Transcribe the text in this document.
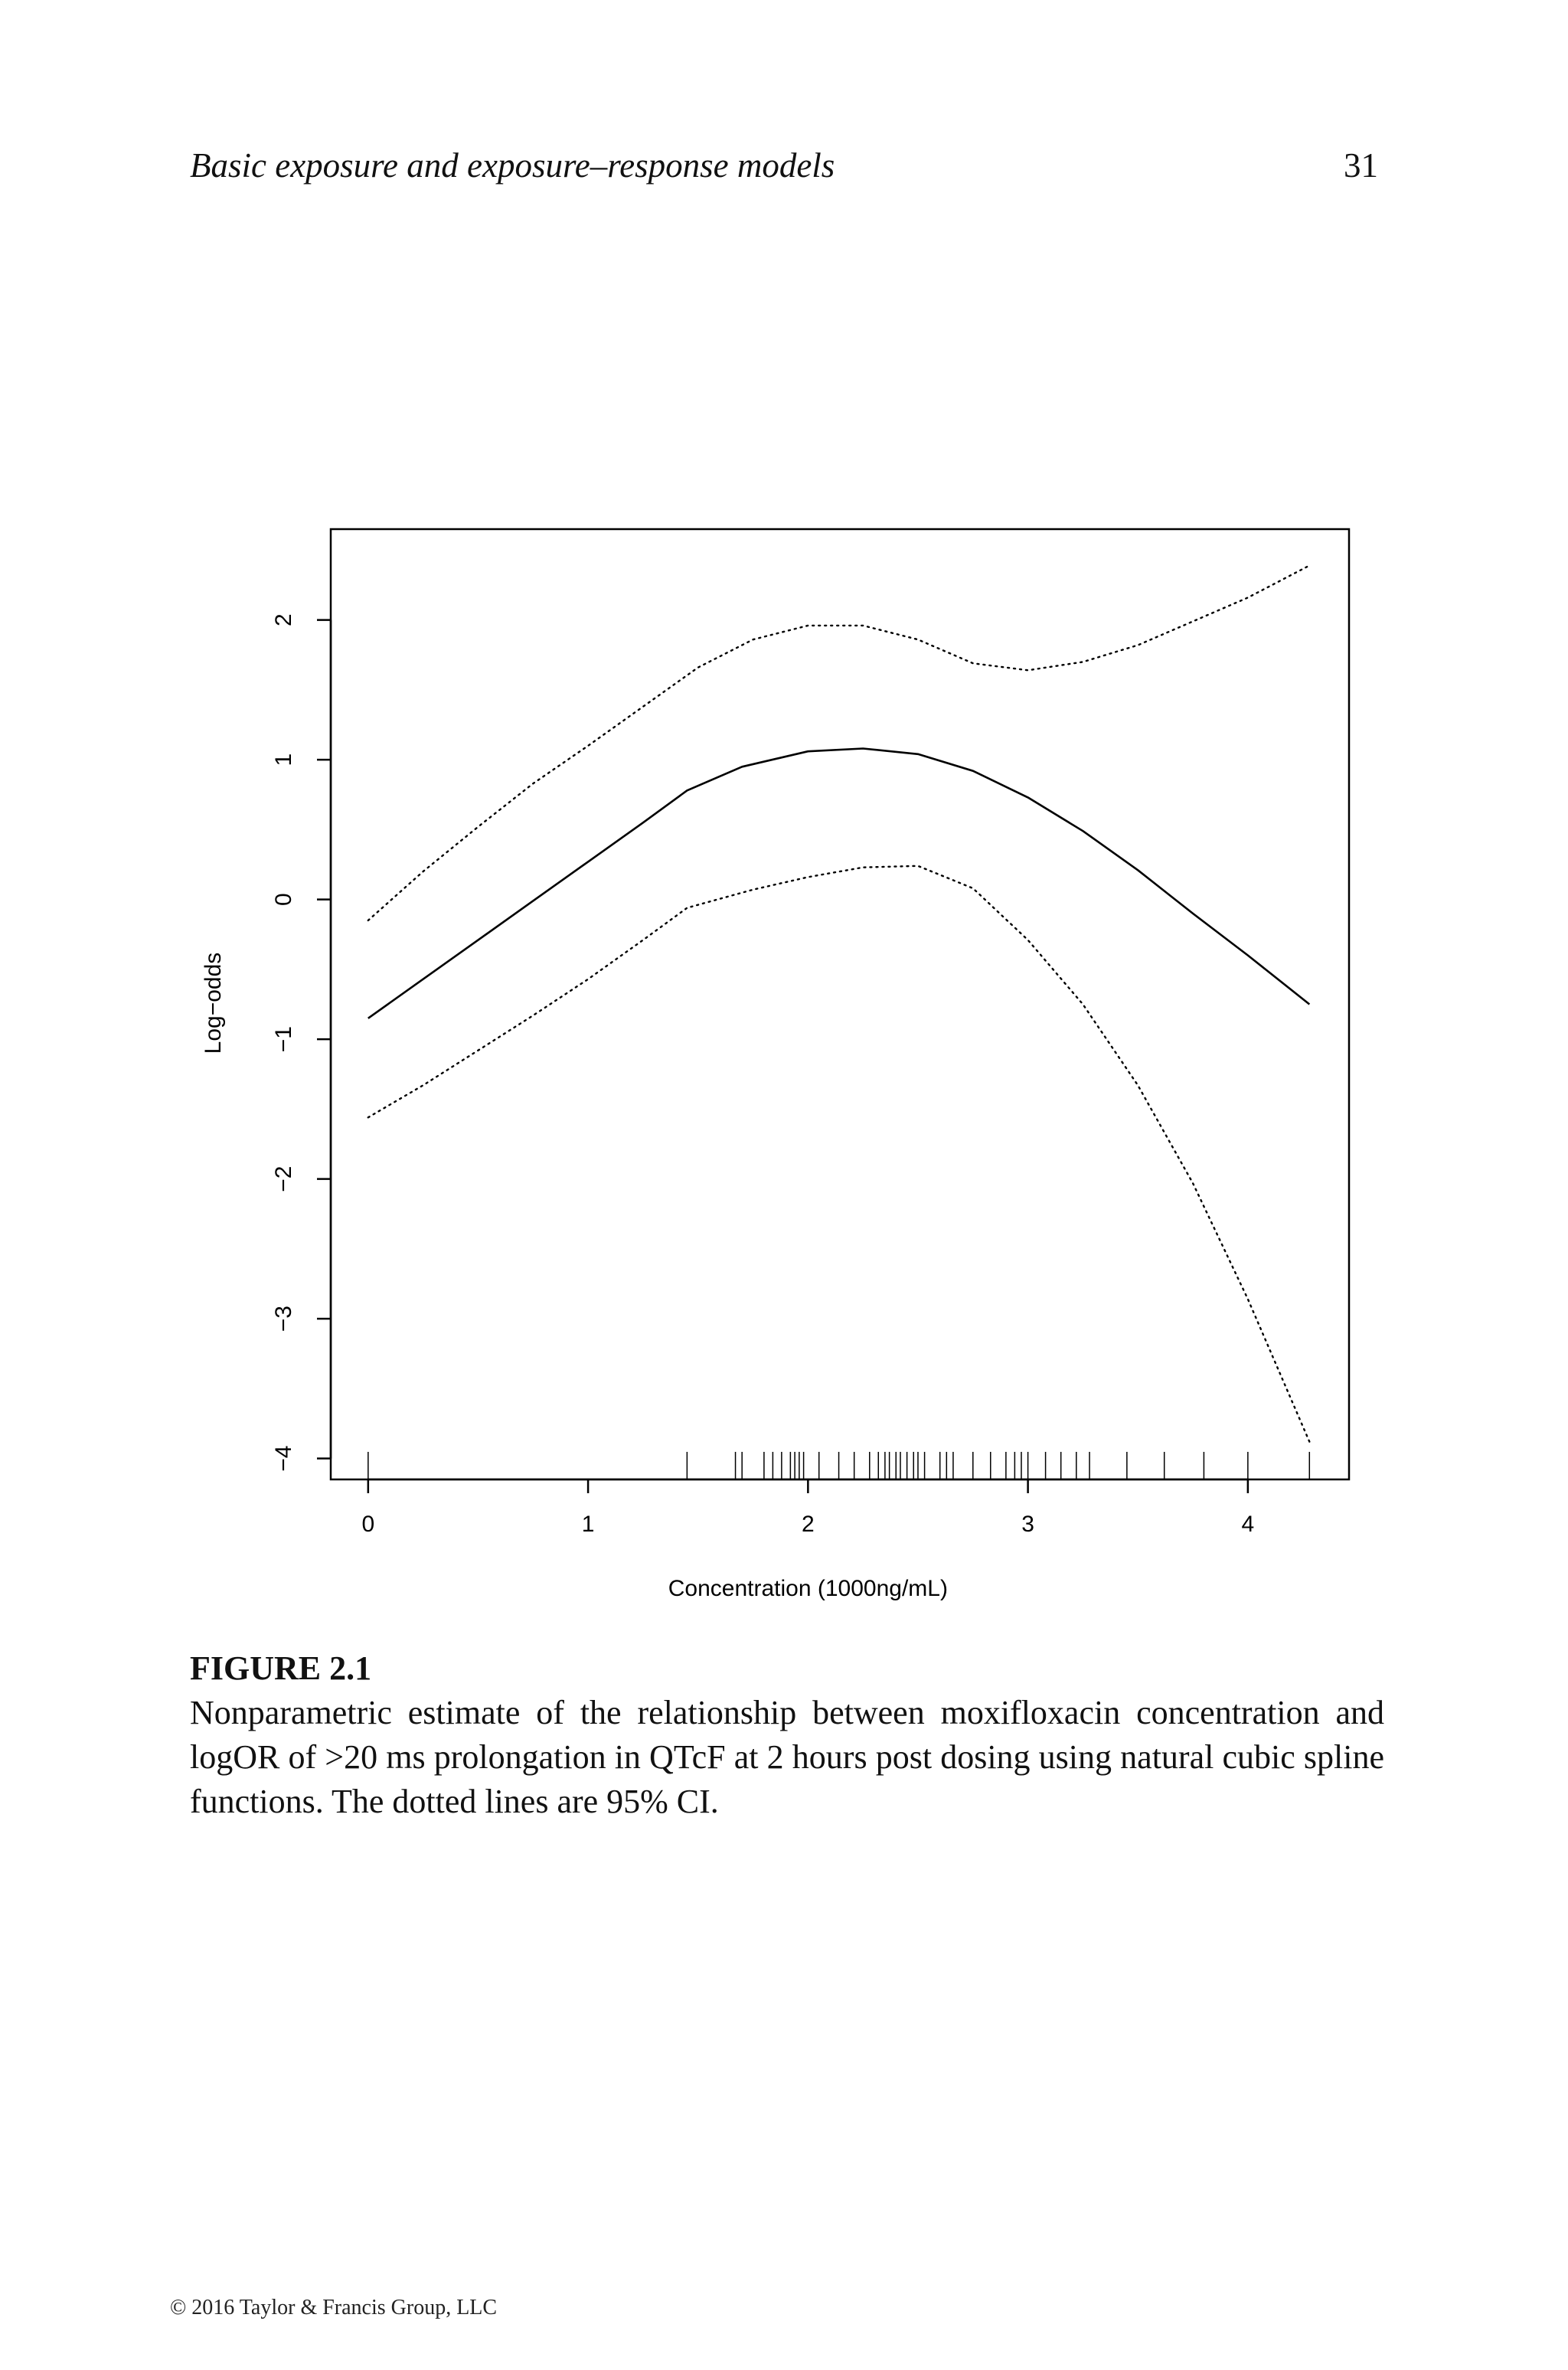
Basic exposure and exposure–response models	31
0	1	2	3	4
−4
−3
−2
−1
0
1
2
Concentration (1000ng/mL)
Log−odds
FIGURE 2.1
Nonparametric estimate of the relationship between moxifloxacin concentration and logOR of >20 ms prolongation in QTcF at 2 hours post dosing using natural cubic spline functions. The dotted lines are 95% CI.
© 2016 Taylor & Francis Group, LLC
